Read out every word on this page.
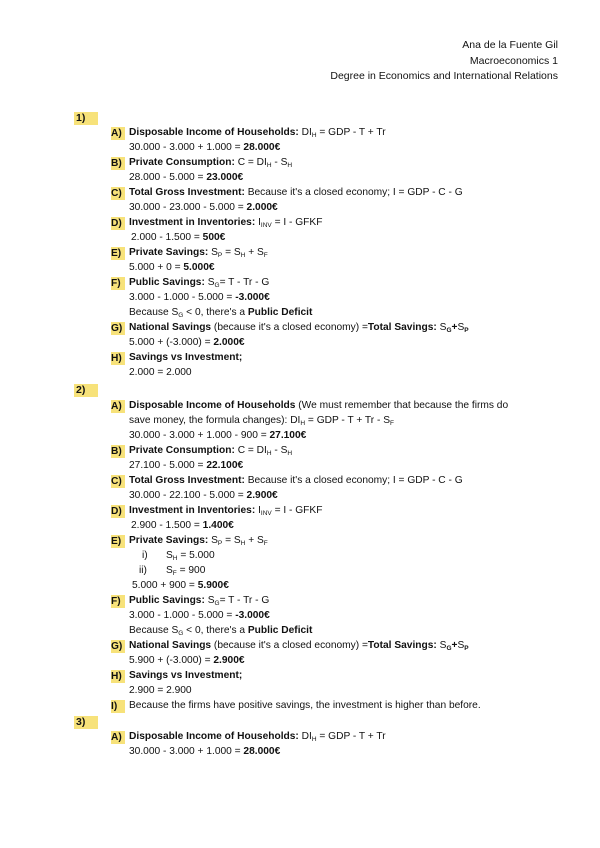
Ana de la Fuente Gil
Macroeconomics 1
Degree in Economics and International Relations
1)
A) Disposable Income of Households: $DI_H$ = GDP - T + Tr
30.000 - 3.000 + 1.000 = 28.000€
B) Private Consumption: $C = DI_H - S_H$
28.000 - 5.000 = 23.000€
C) Total Gross Investment: Because it's a closed economy; I = GDP - C - G
30.000 - 23.000 - 5.000 = 2.000€
D) Investment in Inventories: $I_{INV} = I$ - GFKF
2.000 - 1.500 = 500€
E) Private Savings: $S_P = S_H + S_F$
5.000 + 0 = 5.000€
F) Public Savings: $S_G= T - Tr - G$
3.000 - 1.000 - 5.000 = -3.000€
Because $S_G < 0$, there's a Public Deficit
G) National Savings (because it's a closed economy) =Total Savings: $S_G+S_P$
5.000 + (-3.000) = 2.000€
H) Savings vs Investment;
2.000 = 2.000
2)
A) Disposable Income of Households (We must remember that because the firms do
save money, the formula changes): $DI_H$ = GDP - $T + Tr - S_F$
30.000 - 3.000 + 1.000 - 900 = 27.100€
B) Private Consumption: $C = DI_H - S_H$
27.100 - 5.000 = 22.100€
C) Total Gross Investment: Because it's a closed economy; I = GDP - C - G
30.000 - 22.100 - 5.000 = 2.900€
D) Investment in Inventories: $I_{INV} = I$ - GFKF
2.900 - 1.500 = 1.400€
E) Private Savings: $S_P = S_H + S_F$
i) $S_H = 5.000$
ii) $S_F = 900$
5.000 + 900 = 5.900€
F) Public Savings: $S_G= T - Tr - G$
3.000 - 1.000 - 5.000 = -3.000€
Because $S_G < 0$, there's a Public Deficit
G) National Savings (because it's a closed economy) =Total Savings: $S_G+S_P$
5.900 + (-3.000) = 2.900€
H) Savings vs Investment;
2.900 = 2.900
I)	Because the firms have positive savings, the investment is higher than before.
3)
A) Disposable Income of Households: $DI_H$ = GDP - T + Tr
30.000 - 3.000 + 1.000 = 28.000€
